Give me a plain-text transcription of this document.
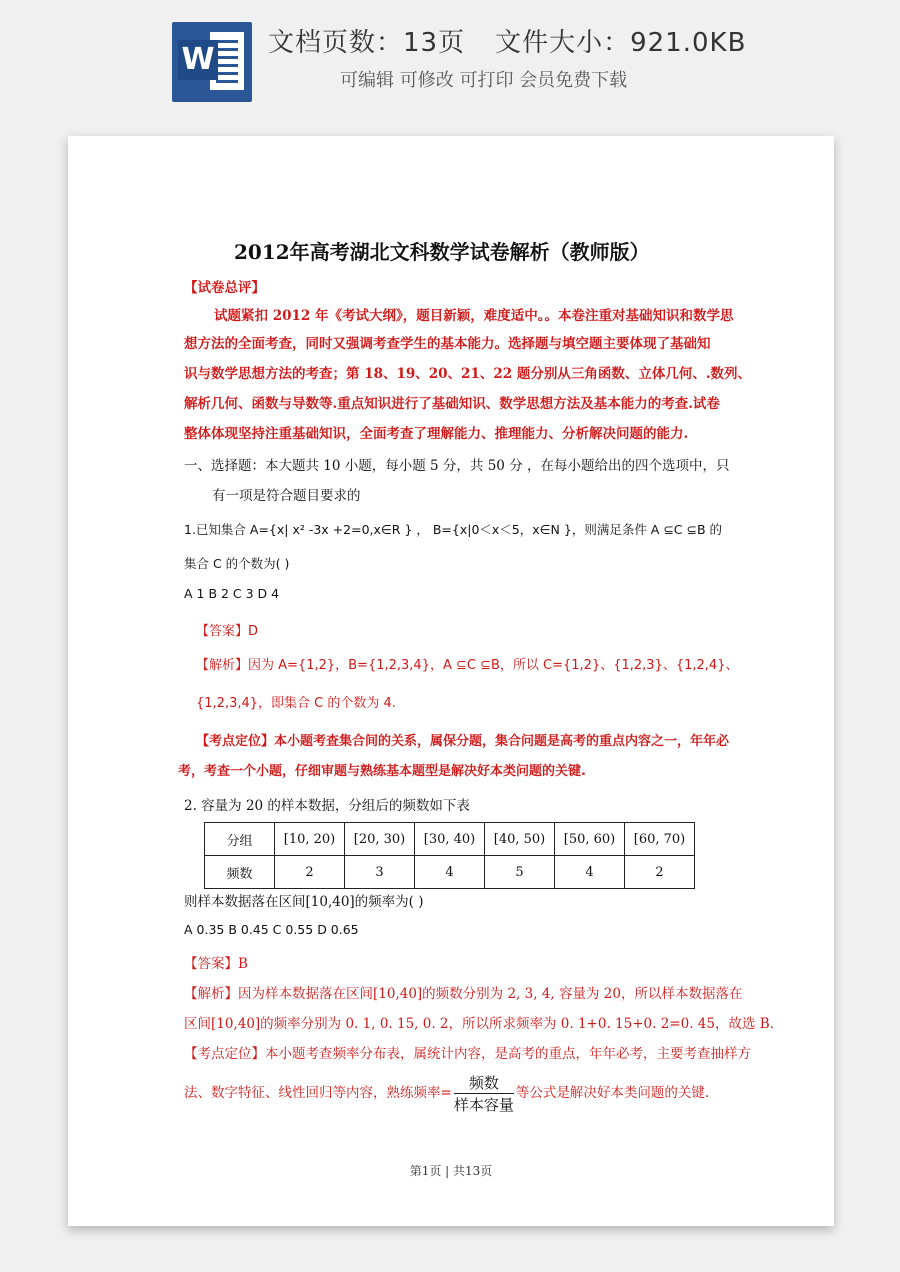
W 文档页数：13页 文件大小：921.0KB
可编辑 可修改 可打印 会员免费下载
2012年高考湖北文科数学试卷解析（教师版）
【试卷总评】
试题紧扣 2012 年《考试大纲》，题目新颖，难度适中。。本卷注重对基础知识和数学思
想方法的全面考查，同时又强调考查学生的基本能力。选择题与填空题主要体现了基础知
识与数学思想方法的考查；第 18、19、20、21、22 题分别从三角函数、立体几何、.数列、
解析几何、函数与导数等.重点知识进行了基础知识、数学思想方法及基本能力的考查.试卷
整体体现坚持注重基础知识，全面考查了理解能力、推理能力、分析解决问题的能力.
一、选择题：本大题共 10 小题，每小题 5 分，共 50 分 ，在每小题给出的四个选项中，只
有一项是符合题目要求的
1.已知集合 A={x| x² -3x +2=0,x∈R } ， B={x|0＜x＜5，x∈N }，则满足条件 A ⊆C ⊆B 的
集合 C 的个数为( )
A 1 B 2 C 3 D 4
【答案】D
【解析】因为 A={1,2}，B={1,2,3,4}，A ⊆C ⊆B，所以 C={1,2}、{1,2,3}、{1,2,4}、
{1,2,3,4}，即集合 C 的个数为 4.
【考点定位】本小题考查集合间的关系，属保分题，集合问题是高考的重点内容之一，年年必
考，考查一个小题，仔细审题与熟练基本题型是解决好本类问题的关键.
2. 容量为 20 的样本数据，分组后的频数如下表
分组	[10, 20)	[20, 30)	[30, 40)	[40, 50)	[50, 60)	[60, 70)
频数	2	3	4	5	4	2
则样本数据落在区间[10,40]的频率为( )
A 0.35 B 0.45 C 0.55 D 0.65
【答案】B
【解析】因为样本数据落在区间[10,40]的频数分别为 2, 3, 4, 容量为 20，所以样本数据落在
区间[10,40]的频率分别为 0. 1, 0. 15, 0. 2，所以所求频率为 0. 1+0. 15+0. 2=0. 45，故选 B.
【考点定位】本小题考查频率分布表，属统计内容，是高考的重点，年年必考，主要考查抽样方
法、数字特征、线性回归等内容，熟练频率= $\frac{\text{频数}}{\text{样本容量}}$ 等公式是解决好本类问题的关键.
第1页 | 共13页
